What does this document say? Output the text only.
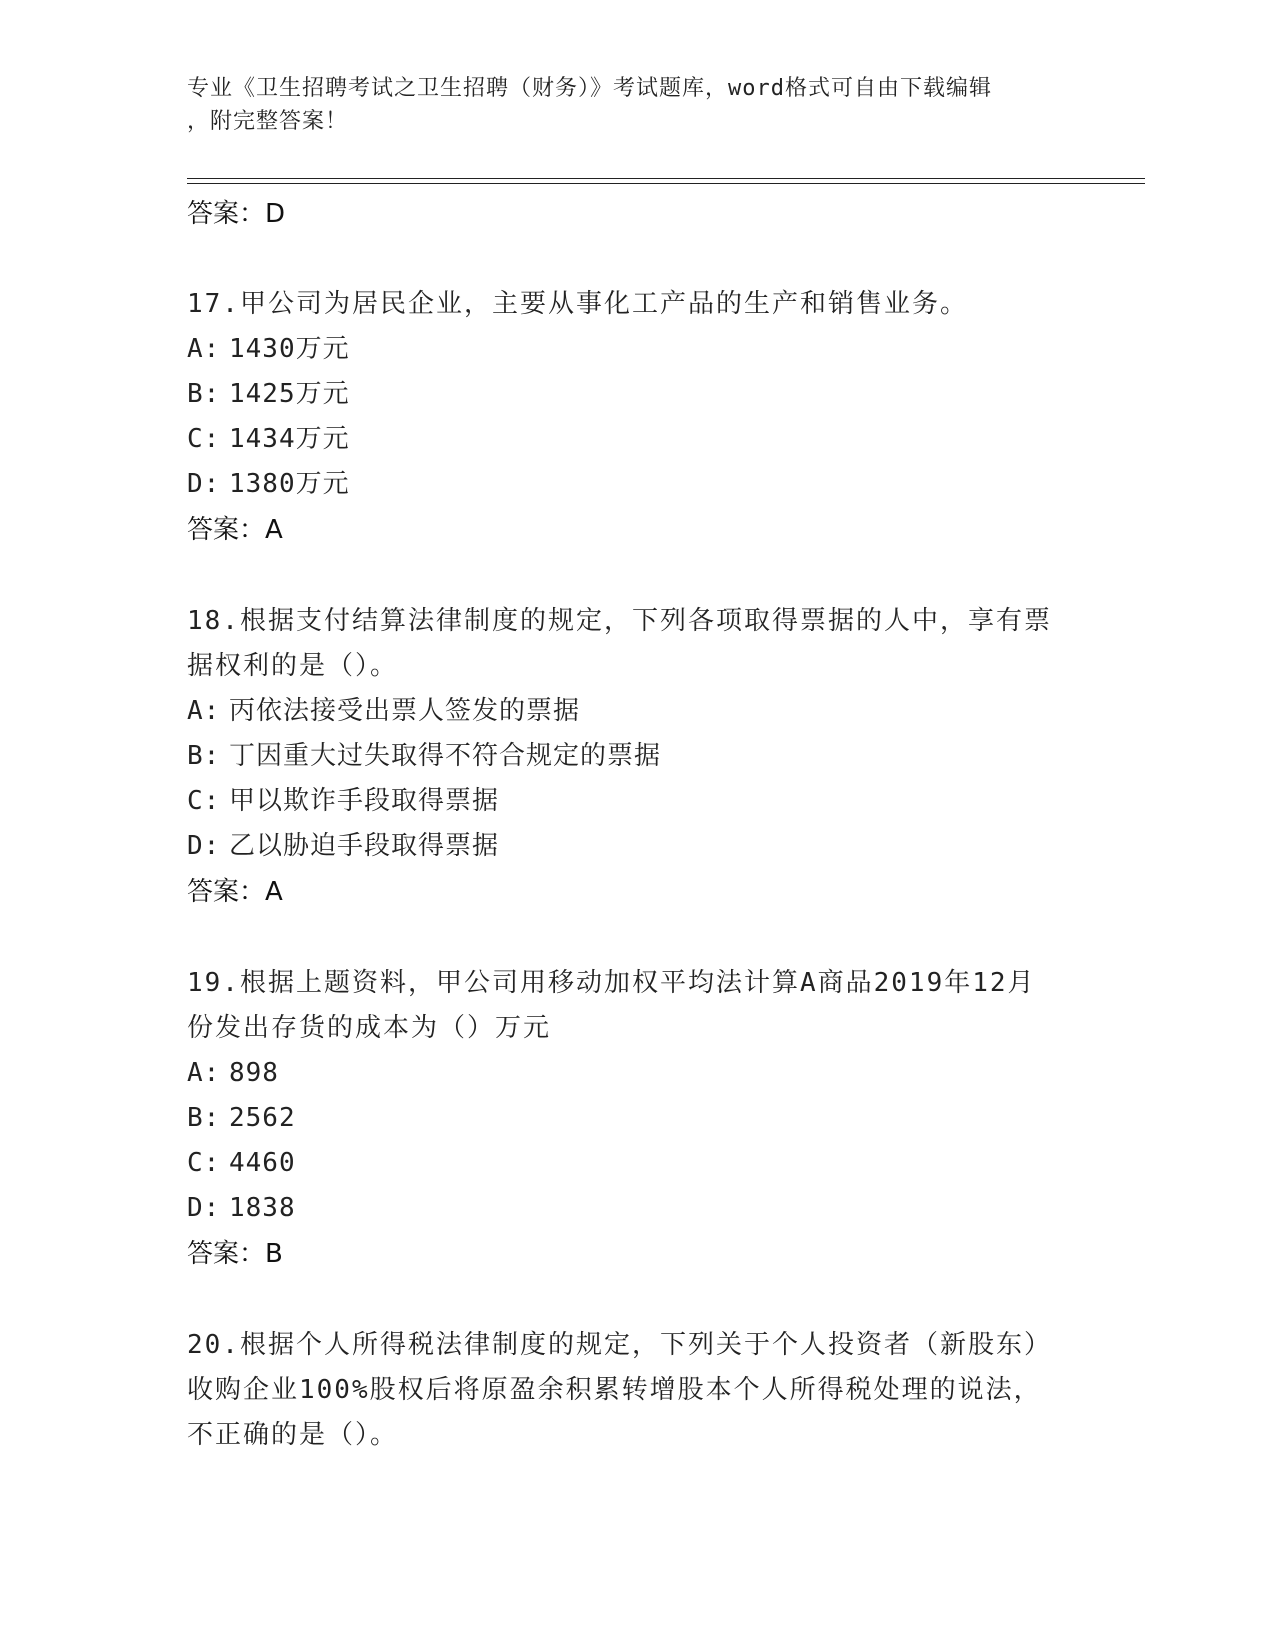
专业《卫生招聘考试之卫生招聘（财务）》考试题库，word格式可自由下载编辑
，附完整答案！
答案：D
17.甲公司为居民企业，主要从事化工产品的生产和销售业务。
A: 1430万元
B: 1425万元
C: 1434万元
D: 1380万元
答案：A
18.根据支付结算法律制度的规定，下列各项取得票据的人中，享有票
据权利的是（）。
A: 丙依法接受出票人签发的票据
B: 丁因重大过失取得不符合规定的票据
C: 甲以欺诈手段取得票据
D: 乙以胁迫手段取得票据
答案：A
19.根据上题资料，甲公司用移动加权平均法计算A商品2019年12月
份发出存货的成本为（）万元
A: 898
B: 2562
C: 4460
D: 1838
答案：B
20.根据个人所得税法律制度的规定，下列关于个人投资者（新股东）
收购企业100%股权后将原盈余积累转增股本个人所得税处理的说法，
不正确的是（）。
